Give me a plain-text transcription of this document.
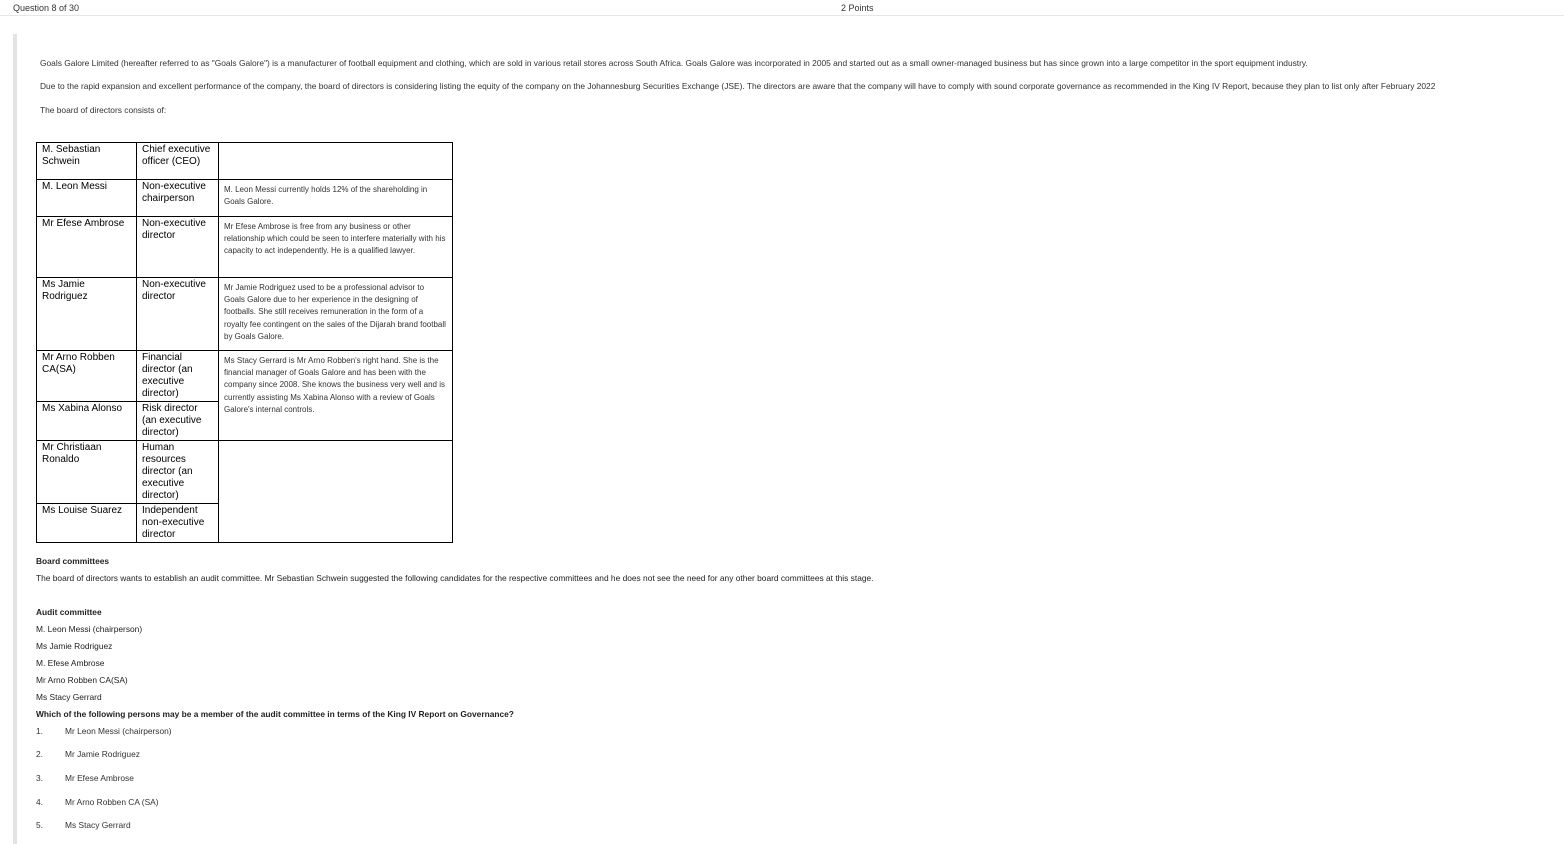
Question 8 of 30	2 Points
Goals Galore Limited (hereafter referred to as "Goals Galore") is a manufacturer of football equipment and clothing, which are sold in various retail stores across South Africa. Goals Galore was incorporated in 2005 and started out as a small owner-managed business but has since grown into a large competitor in the sport equipment industry.
Due to the rapid expansion and excellent performance of the company, the board of directors is considering listing the equity of the company on the Johannesburg Securities Exchange (JSE). The directors are aware that the company will have to comply with sound corporate governance as recommended in the King IV Report, because they plan to list only after February 2022
The board of directors consists of:
M. Sebastian Schwein	Chief executive officer (CEO)	
M. Leon Messi	Non-executive chairperson	M. Leon Messi currently holds 12% of the shareholding in Goals Galore.
Mr Efese Ambrose	Non-executive director	Mr Efese Ambrose is free from any business or other relationship which could be seen to interfere materially with his capacity to act independently. He is a qualified lawyer.
Ms Jamie Rodriguez	Non-executive director	Mr Jamie Rodriguez used to be a professional advisor to Goals Galore due to her experience in the designing of footballs. She still receives remuneration in the form of a royalty fee contingent on the sales of the Dijarah brand football by Goals Galore.
Mr Arno Robben CA(SA)	Financial director (an executive director)	Ms Stacy Gerrard is Mr Arno Robben's right hand. She is the financial manager of Goals Galore and has been with the company since 2008. She knows the business very well and is currently assisting Ms Xabina Alonso with a review of Goals Galore's internal controls.
Ms Xabina Alonso	Risk director (an executive director)	
Mr Christiaan Ronaldo	Human resources director (an executive director)	
Ms Louise Suarez	Independent non-executive director	
Board committees
The board of directors wants to establish an audit committee. Mr Sebastian Schwein suggested the following candidates for the respective committees and he does not see the need for any other board committees at this stage.
Audit committee
M. Leon Messi (chairperson)
Ms Jamie Rodriguez
M. Efese Ambrose
Mr Arno Robben CA(SA)
Ms Stacy Gerrard
Which of the following persons may be a member of the audit committee in terms of the King IV Report on Governance?
1.	Mr Leon Messi (chairperson)
2.	Mr Jamie Rodriguez
3.	Mr Efese Ambrose
4.	Mr Arno Robben CA (SA)
5.	Ms Stacy Gerrard
